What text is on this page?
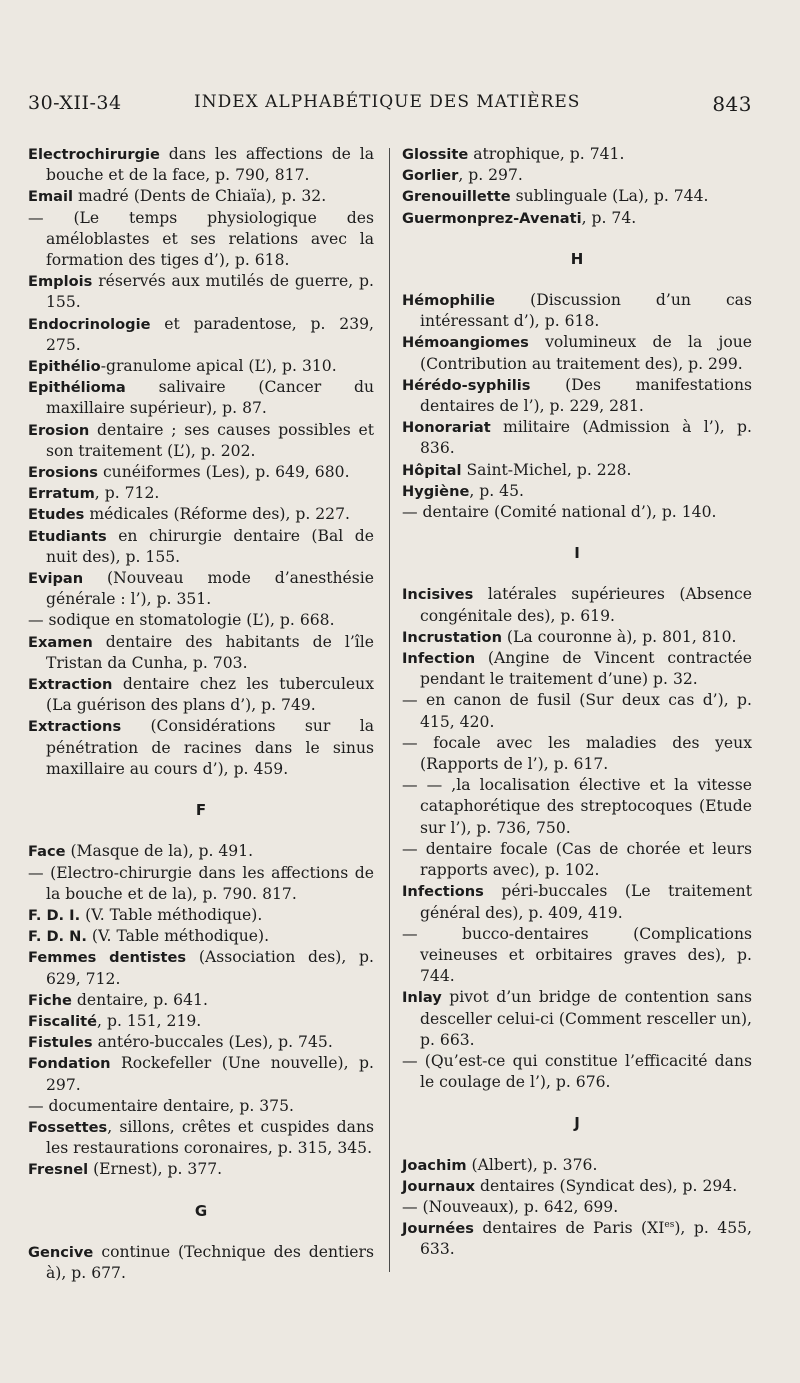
30-XII-34	INDEX ALPHABÉTIQUE DES MATIÈRES	843
Electrochirurgie dans les affections de la bouche et de la face, p. 790, 817.
Email madré (Dents de Chiaïa), p. 32.
— (Le temps physiologique des améloblastes et ses relations avec la formation des tiges d’), p. 618.
Emplois réservés aux mutilés de guerre, p. 155.
Endocrinologie et paradentose, p. 239, 275.
Epithélio-granulome apical (L’), p. 310.
Epithélioma salivaire (Cancer du maxillaire supérieur), p. 87.
Erosion dentaire ; ses causes possibles et son traitement (L’), p. 202.
Erosions cunéiformes (Les), p. 649, 680.
Erratum, p. 712.
Etudes médicales (Réforme des), p. 227.
Etudiants en chirurgie dentaire (Bal de nuit des), p. 155.
Evipan (Nouveau mode d’anesthésie générale : l’), p. 351.
— sodique en stomatologie (L’), p. 668.
Examen dentaire des habitants de l’île Tristan da Cunha, p. 703.
Extraction dentaire chez les tuberculeux (La guérison des plans d’), p. 749.
Extractions (Considérations sur la pénétration de racines dans le sinus maxillaire au cours d’), p. 459.
F
Face (Masque de la), p. 491.
— (Electro-chirurgie dans les affections de la bouche et de la), p. 790. 817.
F. D. I. (V. Table méthodique).
F. D. N. (V. Table méthodique).
Femmes dentistes (Association des), p. 629, 712.
Fiche dentaire, p. 641.
Fiscalité, p. 151, 219.
Fistules antéro-buccales (Les), p. 745.
Fondation Rockefeller (Une nouvelle), p. 297.
— documentaire dentaire, p. 375.
Fossettes, sillons, crêtes et cuspides dans les restaurations coronaires, p. 315, 345.
Fresnel (Ernest), p. 377.
G
Gencive continue (Technique des dentiers à), p. 677.
Glossite atrophique, p. 741.
Gorlier, p. 297.
Grenouillette sublinguale (La), p. 744.
Guermonprez-Avenati, p. 74.
H
Hémophilie (Discussion d’un cas intéressant d’), p. 618.
Hémoangiomes volumineux de la joue (Contribution au traitement des), p. 299.
Hérédo-syphilis (Des manifestations dentaires de l’), p. 229, 281.
Honorariat militaire (Admission à l’), p. 836.
Hôpital Saint-Michel, p. 228.
Hygiène, p. 45.
— dentaire (Comité national d’), p. 140.
I
Incisives latérales supérieures (Absence congénitale des), p. 619.
Incrustation (La couronne à), p. 801, 810.
Infection (Angine de Vincent contractée pendant le traitement d’une) p. 32.
— en canon de fusil (Sur deux cas d’), p. 415, 420.
— focale avec les maladies des yeux (Rapports de l’), p. 617.
— — ,la localisation élective et la vitesse cataphorétique des streptocoques (Etude sur l’), p. 736, 750.
— dentaire focale (Cas de chorée et leurs rapports avec), p. 102.
Infections péri-buccales (Le traitement général des), p. 409, 419.
— bucco-dentaires (Complications veineuses et orbitaires graves des), p. 744.
Inlay pivot d’un bridge de contention sans desceller celui-ci (Comment resceller un), p. 663.
— (Qu’est-ce qui constitue l’efficacité dans le coulage de l’), p. 676.
J
Joachim (Albert), p. 376.
Journaux dentaires (Syndicat des), p. 294.
— (Nouveaux), p. 642, 699.
Journées dentaires de Paris $(XI^{es})$, p. 455, 633.
